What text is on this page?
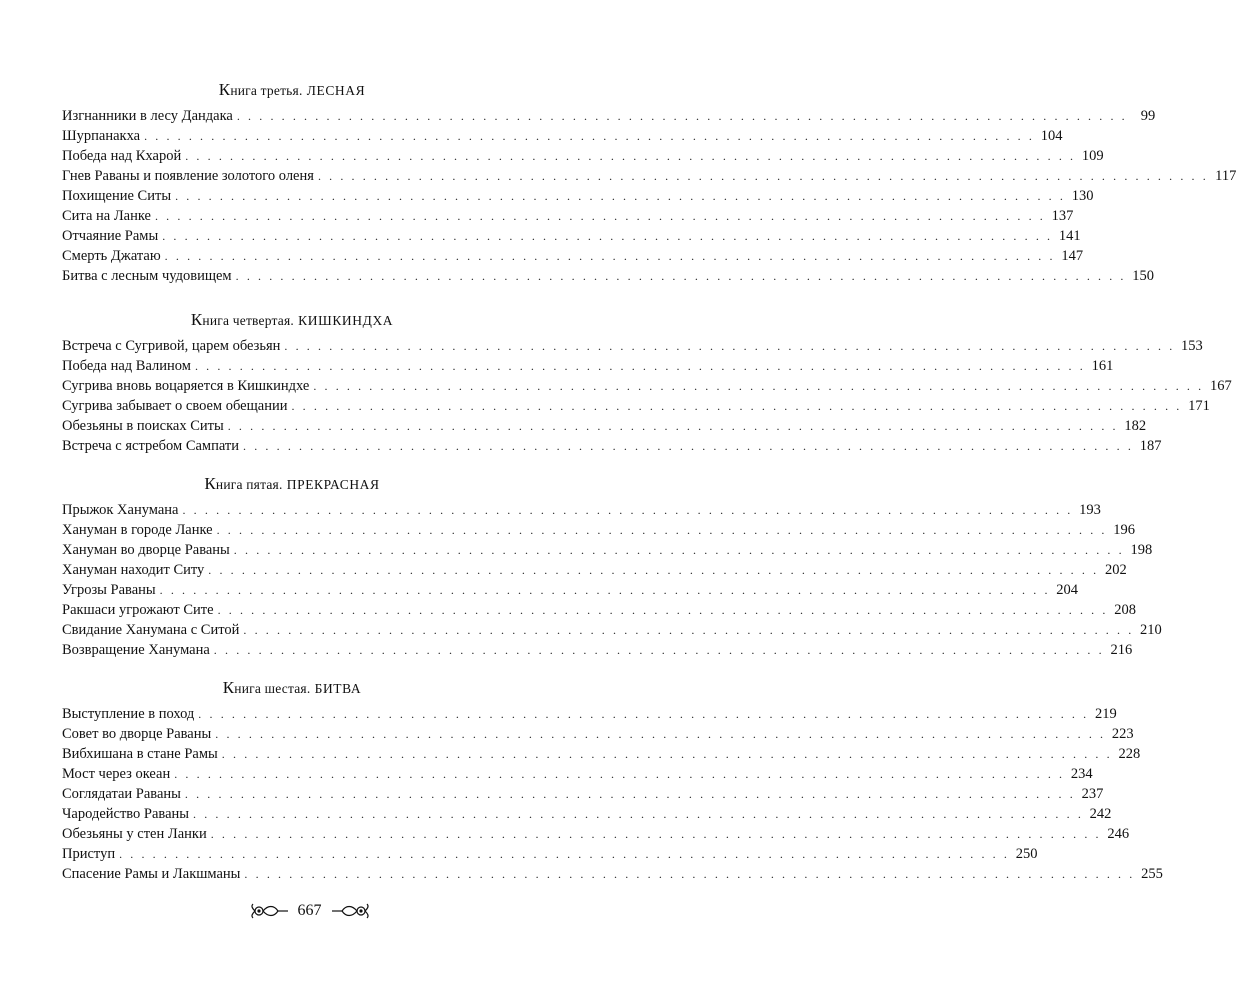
Книга третья. ЛЕСНАЯ
Изгнанники в лесу Дандака . . . . . . . . . . . . . . . . . . . . . . . . . . . . . . . . . . . . . . . . . . . . . . . . . . . . . . . . . . . . . . . . . . . . . . . . . . . . . . . . 99
Шурпанакха . . . . . . . . . . . . . . . . . . . . . . . . . . . . . . . . . . . . . . . . . . . . . . . . . . . . . . . . . . . . . . . . . . . . . . . . . . . . . . . . 104
Победа над Кхарой . . . . . . . . . . . . . . . . . . . . . . . . . . . . . . . . . . . . . . . . . . . . . . . . . . . . . . . . . . . . . . . . . . . . . . . . . . . . . . . . 109
Гнев Раваны и появление золотого оленя . . . . . . . . . . . . . . . . . . . . . . . . . . . . . . . . . . . . . . . . . . . . . . . . . . . . . . . . . . . . . . . . . . . . . . . . . . . . . . . . 117
Похищение Ситы . . . . . . . . . . . . . . . . . . . . . . . . . . . . . . . . . . . . . . . . . . . . . . . . . . . . . . . . . . . . . . . . . . . . . . . . . . . . . . . . 130
Сита на Ланке . . . . . . . . . . . . . . . . . . . . . . . . . . . . . . . . . . . . . . . . . . . . . . . . . . . . . . . . . . . . . . . . . . . . . . . . . . . . . . . . 137
Отчаяние Рамы . . . . . . . . . . . . . . . . . . . . . . . . . . . . . . . . . . . . . . . . . . . . . . . . . . . . . . . . . . . . . . . . . . . . . . . . . . . . . . . . 141
Смерть Джатаю . . . . . . . . . . . . . . . . . . . . . . . . . . . . . . . . . . . . . . . . . . . . . . . . . . . . . . . . . . . . . . . . . . . . . . . . . . . . . . . . 147
Битва с лесным чудовищем . . . . . . . . . . . . . . . . . . . . . . . . . . . . . . . . . . . . . . . . . . . . . . . . . . . . . . . . . . . . . . . . . . . . . . . . . . . . . . . . 150
Книга четвертая. КИШКИНДХА
Встреча с Сугривой, царем обезьян . . . . . . . . . . . . . . . . . . . . . . . . . . . . . . . . . . . . . . . . . . . . . . . . . . . . . . . . . . . . . . . . . . . . . . . . . . . . . . . . 153
Победа над Валином . . . . . . . . . . . . . . . . . . . . . . . . . . . . . . . . . . . . . . . . . . . . . . . . . . . . . . . . . . . . . . . . . . . . . . . . . . . . . . . . 161
Сугрива вновь воцаряется в Кишкиндхе . . . . . . . . . . . . . . . . . . . . . . . . . . . . . . . . . . . . . . . . . . . . . . . . . . . . . . . . . . . . . . . . . . . . . . . . . . . . . . . . 167
Сугрива забывает о своем обещании . . . . . . . . . . . . . . . . . . . . . . . . . . . . . . . . . . . . . . . . . . . . . . . . . . . . . . . . . . . . . . . . . . . . . . . . . . . . . . . . 171
Обезьяны в поисках Ситы . . . . . . . . . . . . . . . . . . . . . . . . . . . . . . . . . . . . . . . . . . . . . . . . . . . . . . . . . . . . . . . . . . . . . . . . . . . . . . . . 182
Встреча с ястребом Сампати . . . . . . . . . . . . . . . . . . . . . . . . . . . . . . . . . . . . . . . . . . . . . . . . . . . . . . . . . . . . . . . . . . . . . . . . . . . . . . . . 187
Книга пятая. ПРЕКРАСНАЯ
Прыжок Ханумана . . . . . . . . . . . . . . . . . . . . . . . . . . . . . . . . . . . . . . . . . . . . . . . . . . . . . . . . . . . . . . . . . . . . . . . . . . . . . . . . 193
Хануман в городе Ланке . . . . . . . . . . . . . . . . . . . . . . . . . . . . . . . . . . . . . . . . . . . . . . . . . . . . . . . . . . . . . . . . . . . . . . . . . . . . . . . . 196
Хануман во дворце Раваны . . . . . . . . . . . . . . . . . . . . . . . . . . . . . . . . . . . . . . . . . . . . . . . . . . . . . . . . . . . . . . . . . . . . . . . . . . . . . . . . 198
Хануман находит Ситу . . . . . . . . . . . . . . . . . . . . . . . . . . . . . . . . . . . . . . . . . . . . . . . . . . . . . . . . . . . . . . . . . . . . . . . . . . . . . . . . 202
Угрозы Раваны . . . . . . . . . . . . . . . . . . . . . . . . . . . . . . . . . . . . . . . . . . . . . . . . . . . . . . . . . . . . . . . . . . . . . . . . . . . . . . . . 204
Ракшаси угрожают Сите . . . . . . . . . . . . . . . . . . . . . . . . . . . . . . . . . . . . . . . . . . . . . . . . . . . . . . . . . . . . . . . . . . . . . . . . . . . . . . . . 208
Свидание Ханумана с Ситой . . . . . . . . . . . . . . . . . . . . . . . . . . . . . . . . . . . . . . . . . . . . . . . . . . . . . . . . . . . . . . . . . . . . . . . . . . . . . . . . 210
Возвращение Ханумана . . . . . . . . . . . . . . . . . . . . . . . . . . . . . . . . . . . . . . . . . . . . . . . . . . . . . . . . . . . . . . . . . . . . . . . . . . . . . . . . 216
Книга шестая. БИТВА
Выступление в поход . . . . . . . . . . . . . . . . . . . . . . . . . . . . . . . . . . . . . . . . . . . . . . . . . . . . . . . . . . . . . . . . . . . . . . . . . . . . . . . . 219
Совет во дворце Раваны . . . . . . . . . . . . . . . . . . . . . . . . . . . . . . . . . . . . . . . . . . . . . . . . . . . . . . . . . . . . . . . . . . . . . . . . . . . . . . . . 223
Вибхишана в стане Рамы . . . . . . . . . . . . . . . . . . . . . . . . . . . . . . . . . . . . . . . . . . . . . . . . . . . . . . . . . . . . . . . . . . . . . . . . . . . . . . . . 228
Мост через океан . . . . . . . . . . . . . . . . . . . . . . . . . . . . . . . . . . . . . . . . . . . . . . . . . . . . . . . . . . . . . . . . . . . . . . . . . . . . . . . . 234
Соглядатаи Раваны . . . . . . . . . . . . . . . . . . . . . . . . . . . . . . . . . . . . . . . . . . . . . . . . . . . . . . . . . . . . . . . . . . . . . . . . . . . . . . . . 237
Чародейство Раваны . . . . . . . . . . . . . . . . . . . . . . . . . . . . . . . . . . . . . . . . . . . . . . . . . . . . . . . . . . . . . . . . . . . . . . . . . . . . . . . . 242
Обезьяны у стен Ланки . . . . . . . . . . . . . . . . . . . . . . . . . . . . . . . . . . . . . . . . . . . . . . . . . . . . . . . . . . . . . . . . . . . . . . . . . . . . . . . . 246
Приступ . . . . . . . . . . . . . . . . . . . . . . . . . . . . . . . . . . . . . . . . . . . . . . . . . . . . . . . . . . . . . . . . . . . . . . . . . . . . . . . . 250
Спасение Рамы и Лакшманы . . . . . . . . . . . . . . . . . . . . . . . . . . . . . . . . . . . . . . . . . . . . . . . . . . . . . . . . . . . . . . . . . . . . . . . . . . . . . . . . 255
667
